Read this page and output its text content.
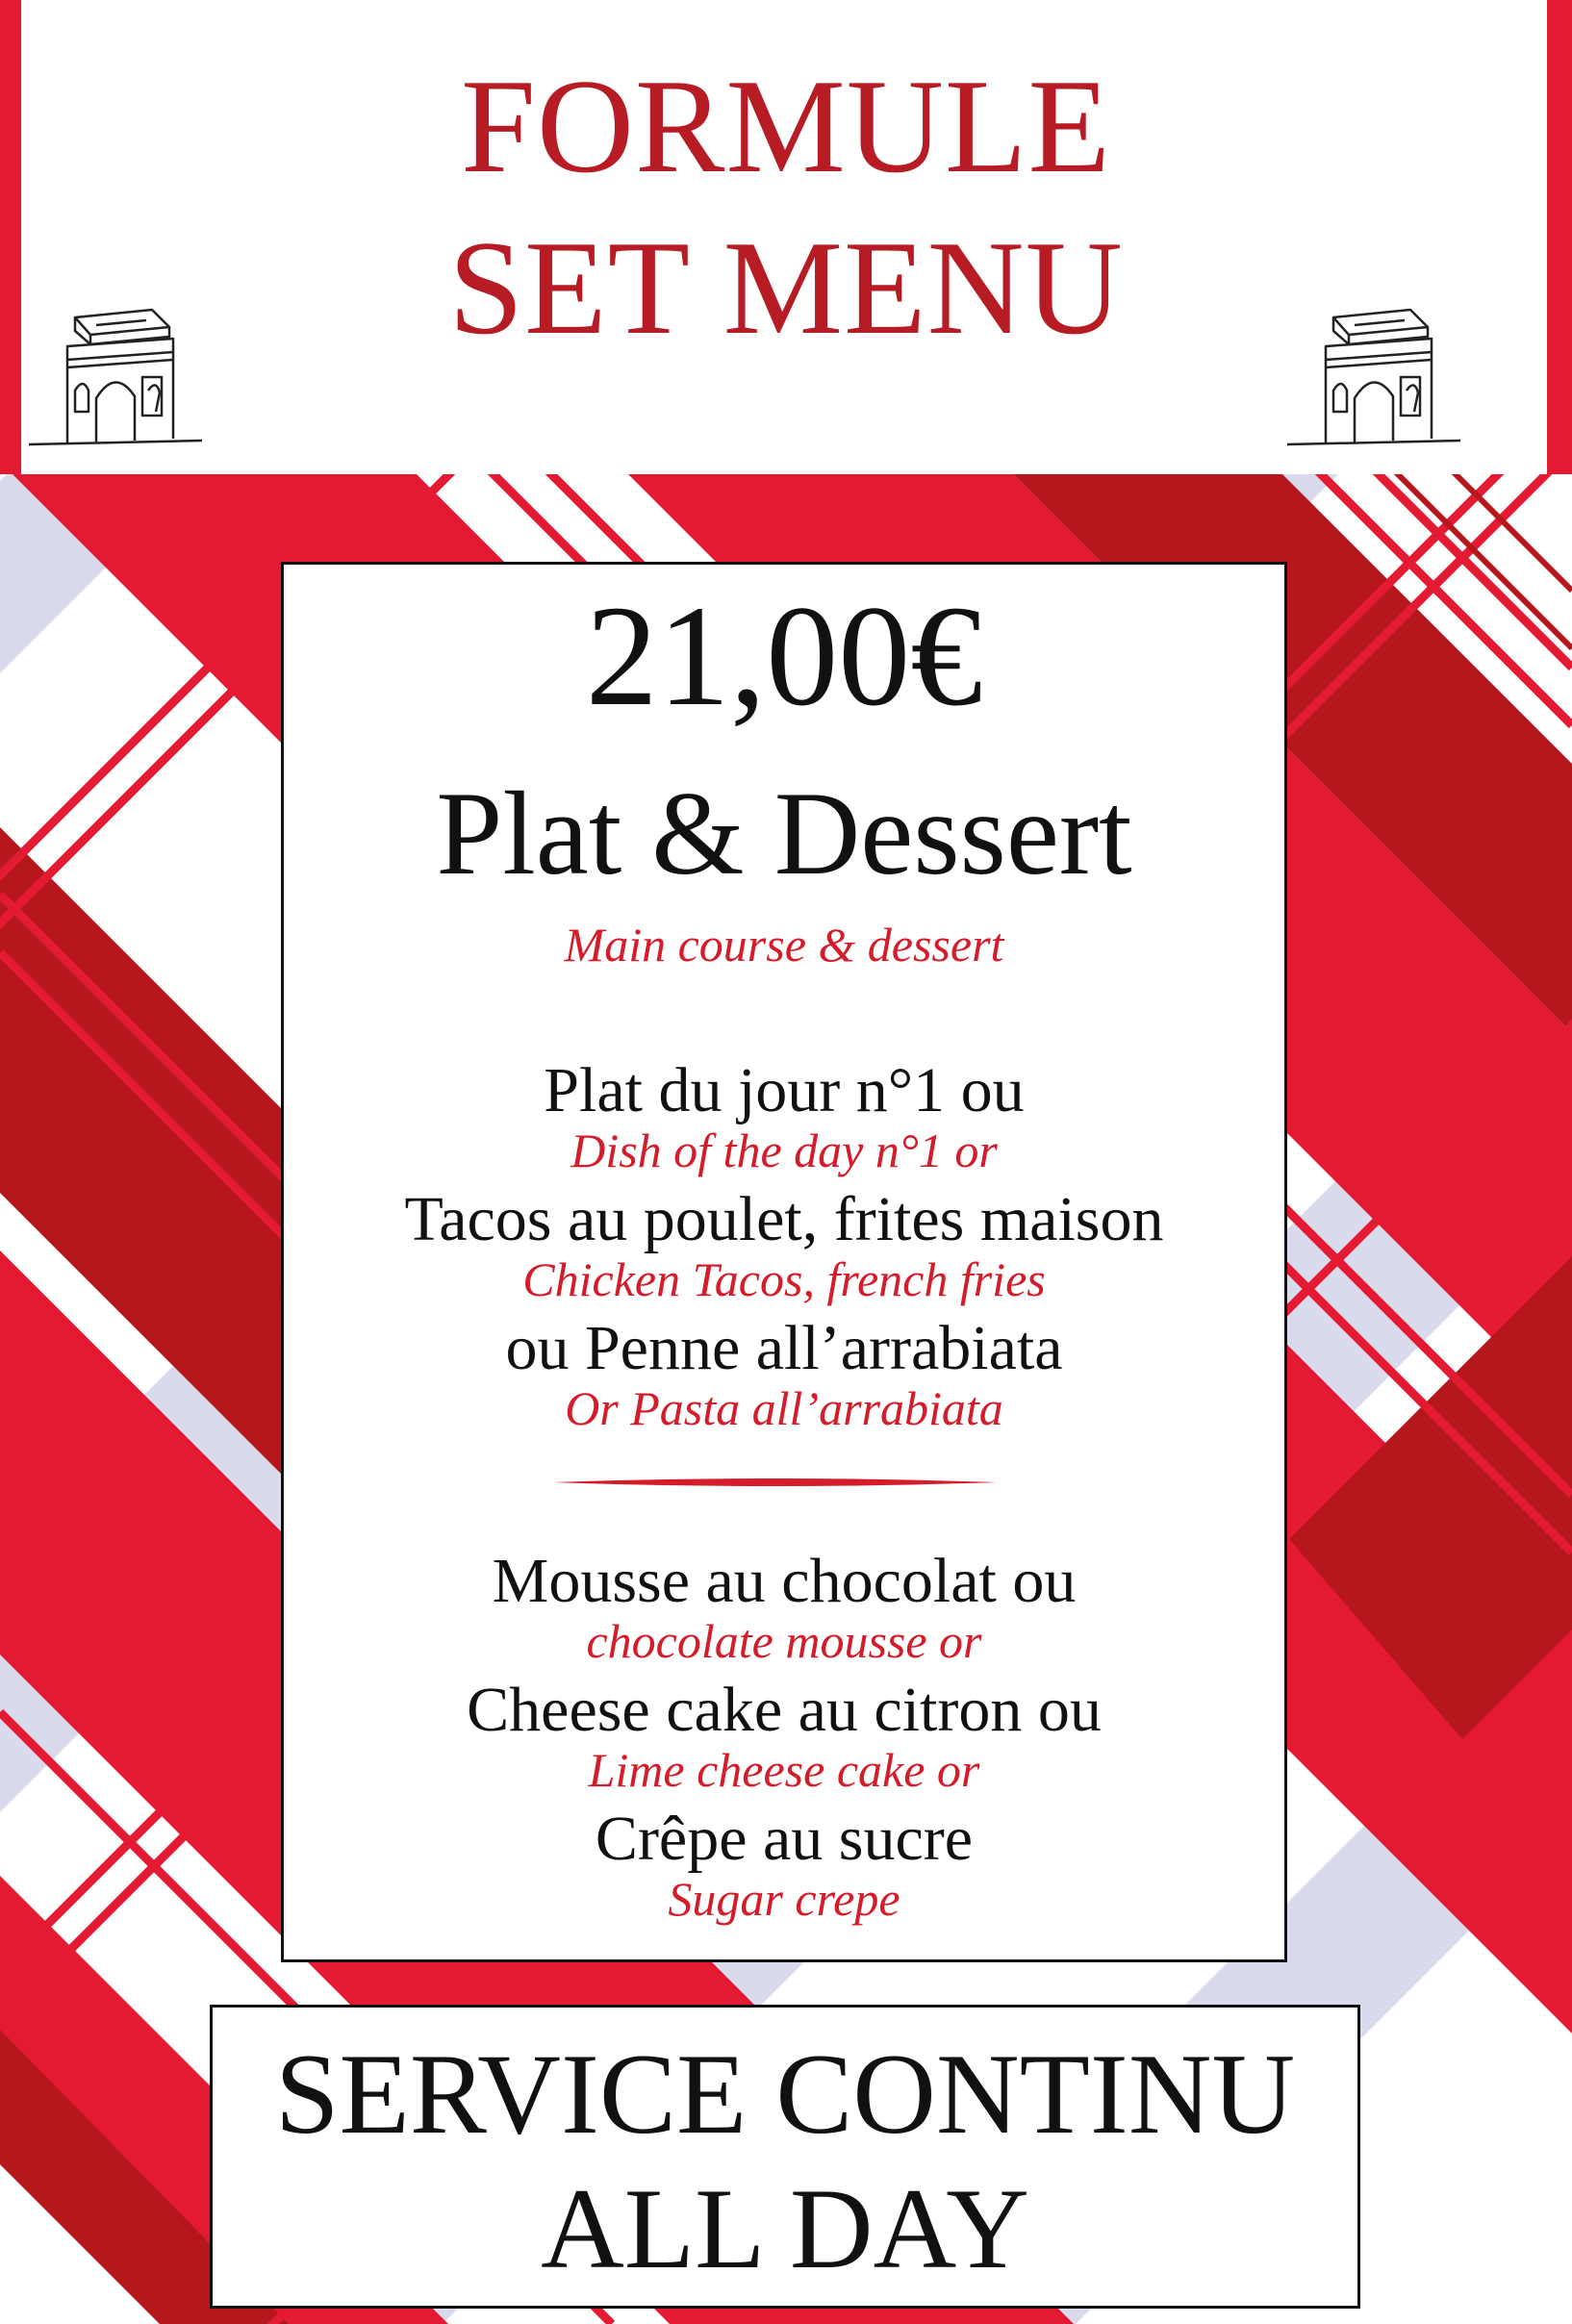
FORMULE
SET MENU
21,00€
Plat & Dessert
Main course & dessert
Plat du jour n°1 ou
Dish of the day n°1 or
Tacos au poulet, frites maison
Chicken Tacos, french fries
ou Penne all’arrabiata
Or Pasta all’arrabiata
Mousse au chocolat ou
chocolate mousse or
Cheese cake au citron ou
Lime cheese cake or
Crêpe au sucre
Sugar crepe
SERVICE CONTINU
ALL DAY
